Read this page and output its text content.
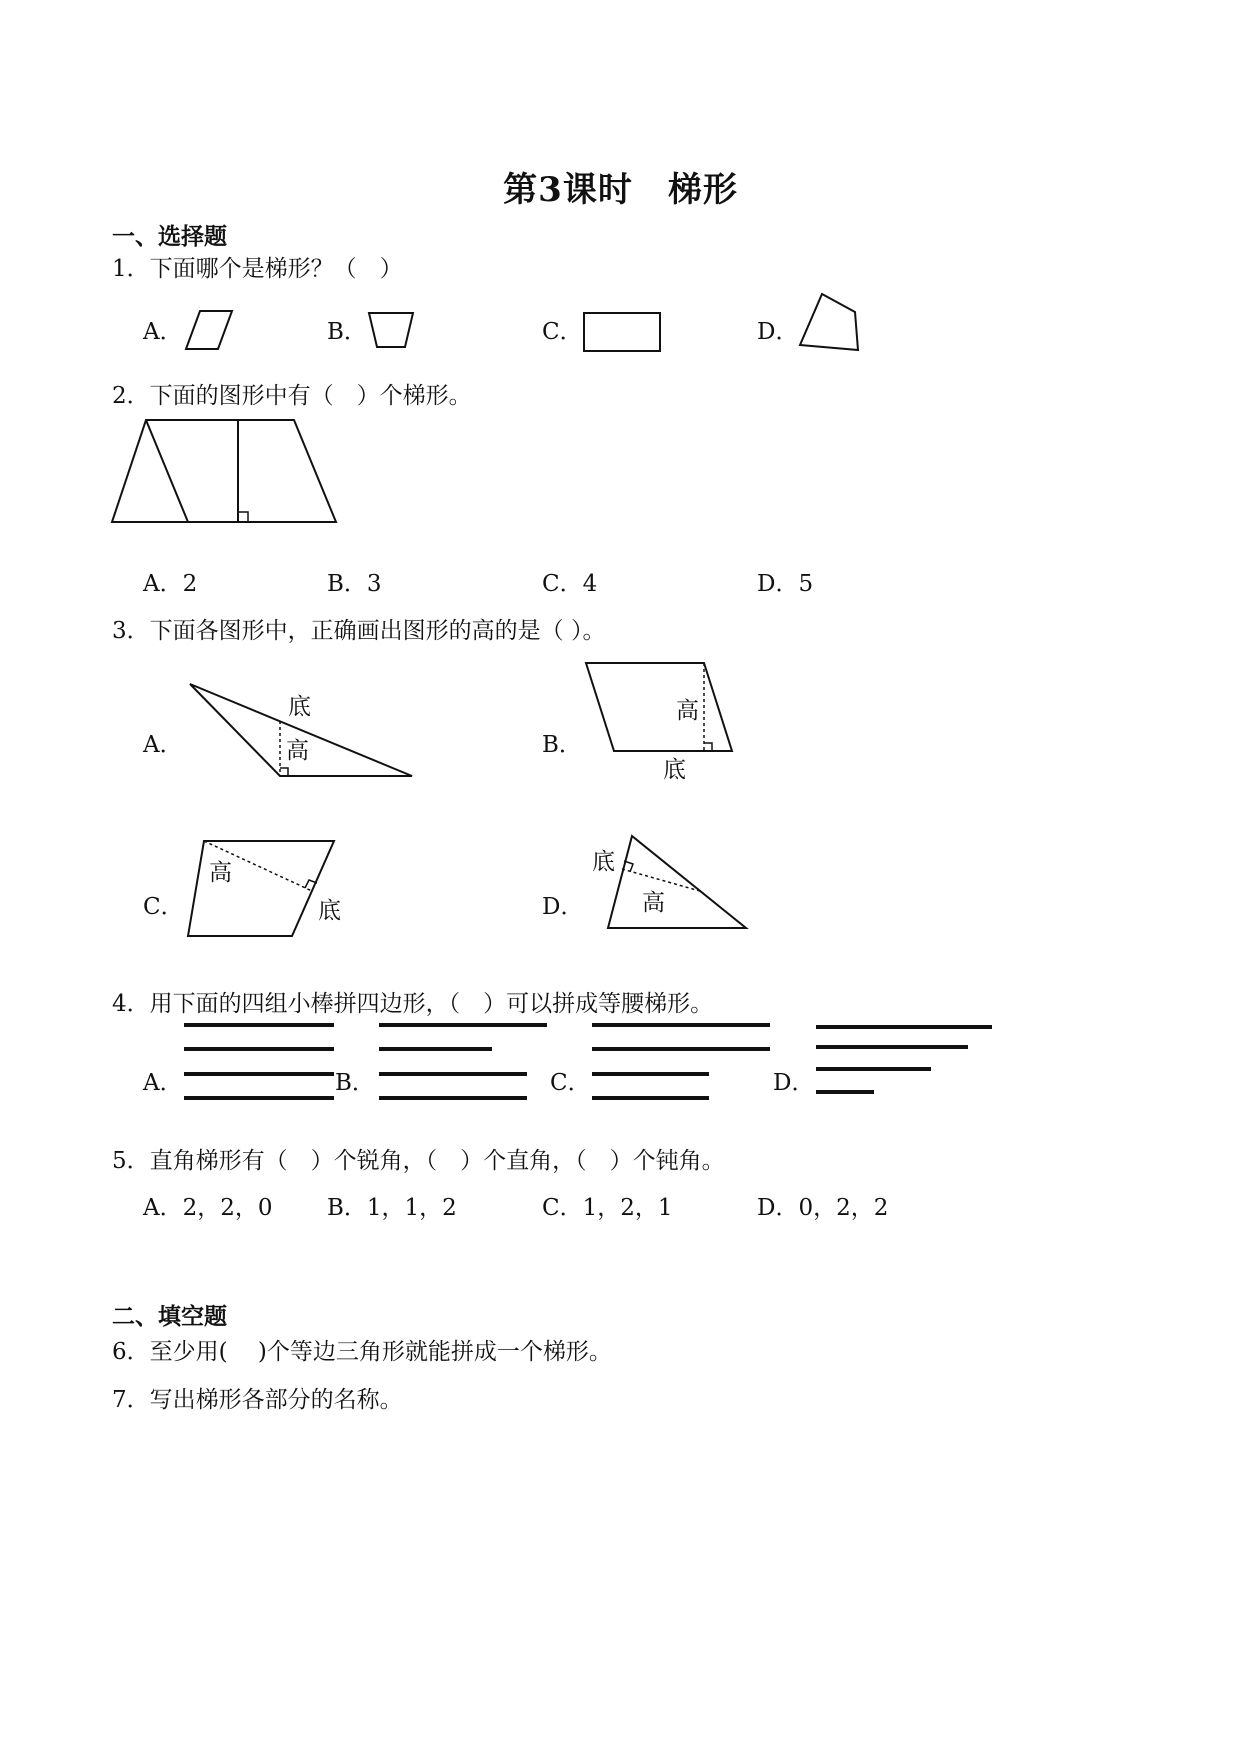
第3课时　梯形
一、选择题
1．下面哪个是梯形？（　）
A．	B．	C．	D．
2．下面的图形中有（　）个梯形。
A．2	B．3	C．4	D．5
3．下面各图形中，正确画出图形的高的是（ ）。
A．	B．
C．	D．
底
高
高
底
高
底
底
高
4．用下面的四组小棒拼四边形，（　）可以拼成等腰梯形。
A．	B．	C．	D．
5．直角梯形有（　）个锐角，（　）个直角，（　）个钝角。
A．2，2，0 B．1，1，2	C．1，2，1	D．0，2，2
二、填空题
6．至少用(　 )个等边三角形就能拼成一个梯形。
7．写出梯形各部分的名称。
